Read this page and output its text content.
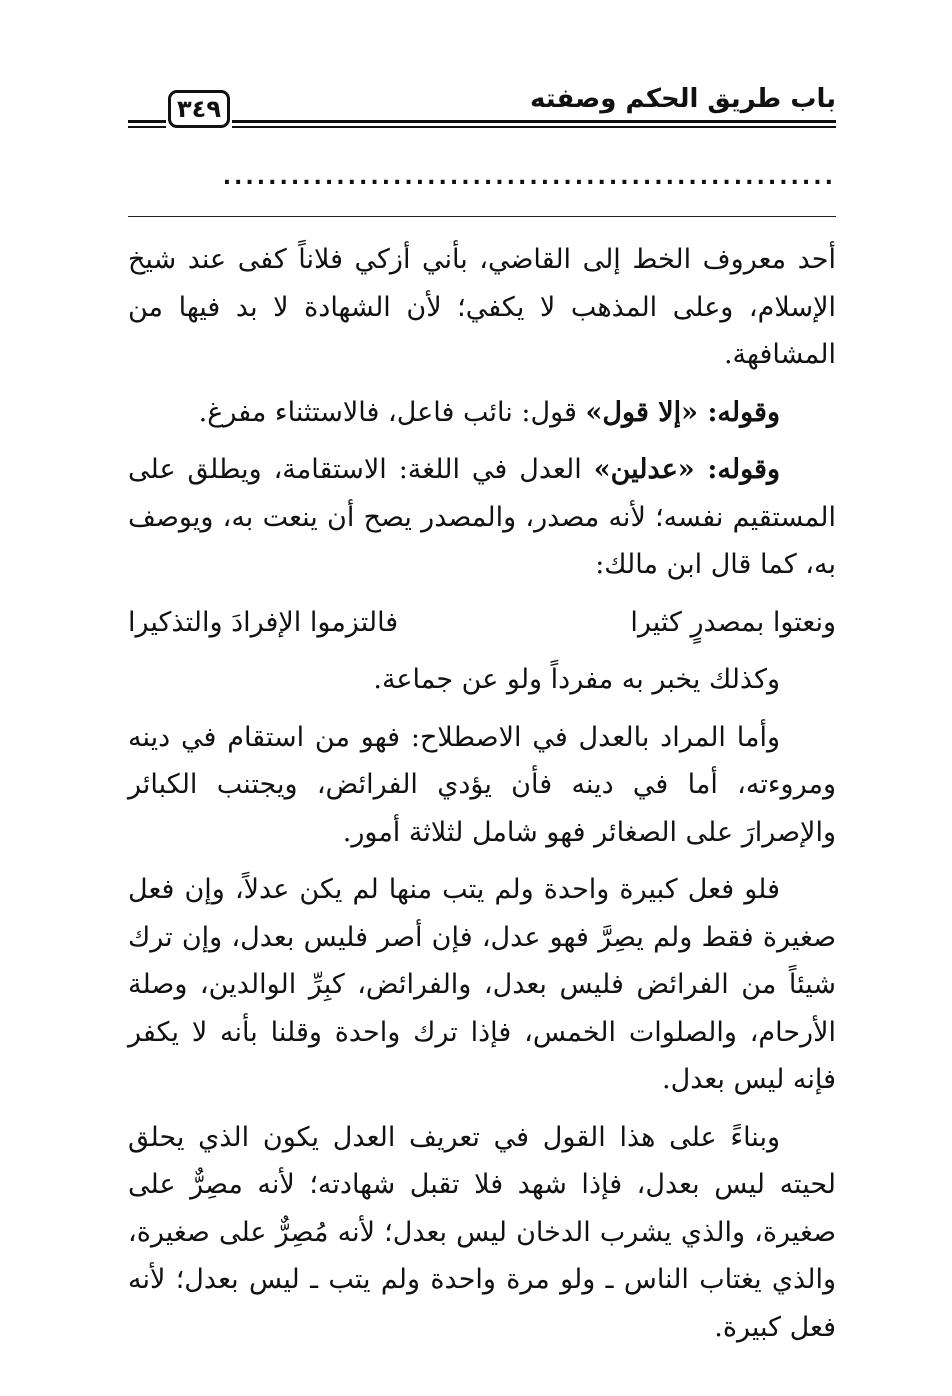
باب طريق الحكم وصفته
٣٤٩
......................................................

أحد معروف الخط إلى القاضي، بأني أزكي فلاناً كفى عند شيخ الإسلام، وعلى المذهب لا يكفي؛ لأن الشهادة لا بد فيها من المشافهة.

وقوله: «إلا قول» قول: نائب فاعل، فالاستثناء مفرغ.

وقوله: «عدلين» العدل في اللغة: الاستقامة، ويطلق على المستقيم نفسه؛ لأنه مصدر، والمصدر يصح أن ينعت به، ويوصف به، كما قال ابن مالك:

ونعتوا بمصدرٍ كثيرا
فالتزموا الإفرادَ والتذكيرا

وكذلك يخبر به مفرداً ولو عن جماعة.

وأما المراد بالعدل في الاصطلاح: فهو من استقام في دينه ومروءته، أما في دينه فأن يؤدي الفرائض، ويجتنب الكبائر والإصرارَ على الصغائر فهو شامل لثلاثة أمور.

فلو فعل كبيرة واحدة ولم يتب منها لم يكن عدلاً، وإن فعل صغيرة فقط ولم يصِرَّ فهو عدل، فإن أصر فليس بعدل، وإن ترك شيئاً من الفرائض فليس بعدل، والفرائض، كبِرِّ الوالدين، وصلة الأرحام، والصلوات الخمس، فإذا ترك واحدة وقلنا بأنه لا يكفر فإنه ليس بعدل.

وبناءً على هذا القول في تعريف العدل يكون الذي يحلق لحيته ليس بعدل، فإذا شهد فلا تقبل شهادته؛ لأنه مصِرٌّ على صغيرة، والذي يشرب الدخان ليس بعدل؛ لأنه مُصِرٌّ على صغيرة، والذي يغتاب الناس ـ ولو مرة واحدة ولم يتب ـ ليس بعدل؛ لأنه فعل كبيرة.
